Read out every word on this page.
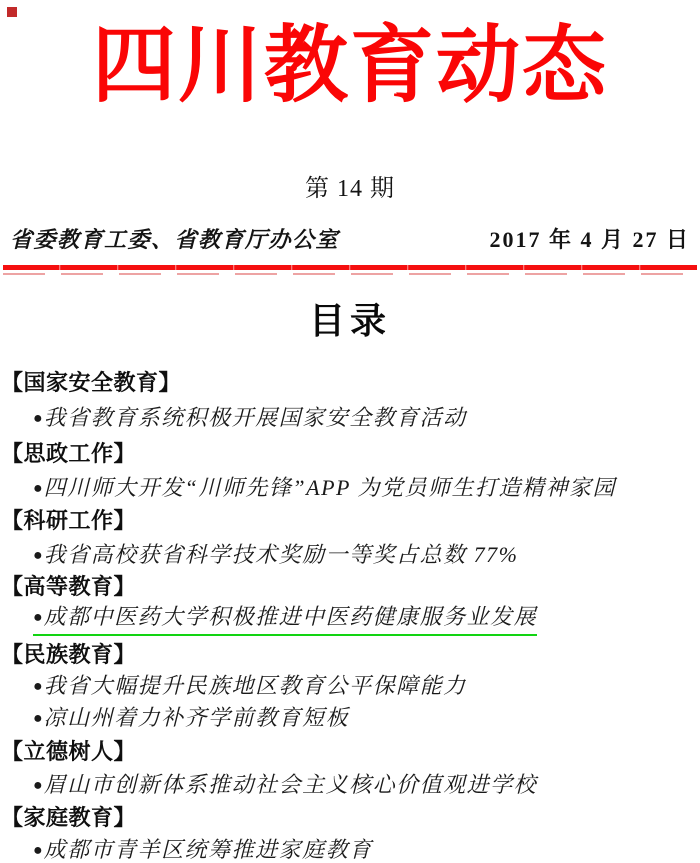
四川教育动态
第 14 期
省委教育工委、省教育厅办公室	2017 年 4 月 27 日
目录
【国家安全教育】
●我省教育系统积极开展国家安全教育活动
【思政工作】
●四川师大开发“川师先锋”APP 为党员师生打造精神家园
【科研工作】
●我省高校获省科学技术奖励一等奖占总数 77%
【高等教育】
●成都中医药大学积极推进中医药健康服务业发展
【民族教育】
●我省大幅提升民族地区教育公平保障能力
●凉山州着力补齐学前教育短板
【立德树人】
●眉山市创新体系推动社会主义核心价值观进学校
【家庭教育】
●成都市青羊区统筹推进家庭教育
